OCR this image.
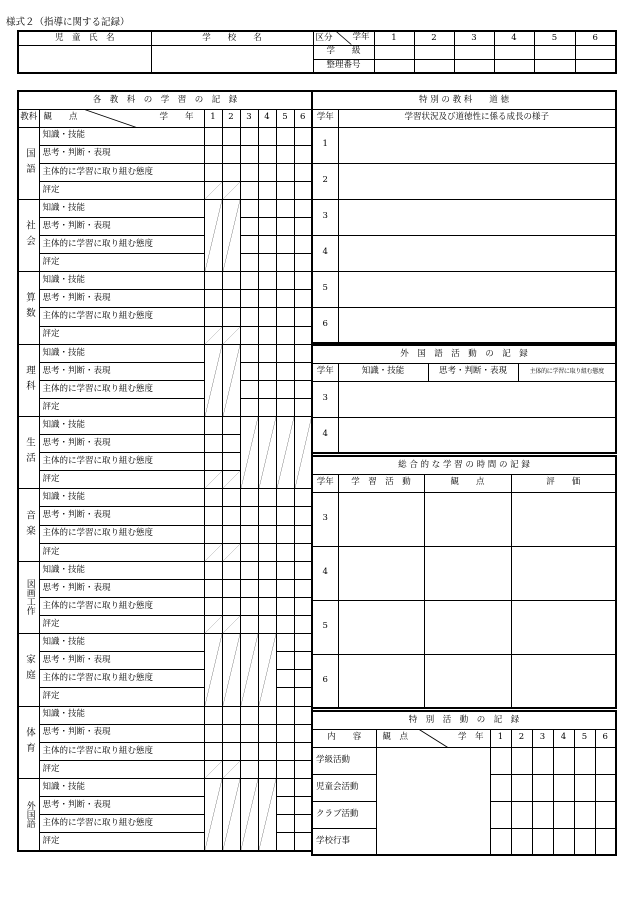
様式２（指導に関する記録）
児　童　氏　名	学　　校　　名	区分 学年	1	2	3	4	5	6
		学　　級						
		整理番号						
各　教　科　の　学　習　の　記　録							
教科	観　　点 学　　年	1	2	3	4	5	6
国語	知識・技能						
	思考・判断・表現						
	主体的に学習に取り組む態度						
	評定	

社会	知識・技能	

	思考・判断・表現						
	主体的に学習に取り組む態度						
	評定						
算数	知識・技能						
	思考・判断・表現						
	主体的に学習に取り組む態度						
	評定	

理科	知識・技能	

	思考・判断・表現						
	主体的に学習に取り組む態度						
	評定						
生活	知識・技能			

	思考・判断・表現						
	主体的に学習に取り組む態度						
	評定	

音楽	知識・技能						
	思考・判断・表現						
	主体的に学習に取り組む態度						
	評定	

図画工作	知識・技能						
	思考・判断・表現						
	主体的に学習に取り組む態度						
	評定	

家庭	知識・技能	

	思考・判断・表現						
	主体的に学習に取り組む態度						
	評定						
体育	知識・技能						
	思考・判断・表現						
	主体的に学習に取り組む態度						
	評定	

外国語	知識・技能	

	思考・判断・表現						
	主体的に学習に取り組む態度						
	評定						
特 別 の 教 科　　道 徳	
学年	学習状況及び道徳性に係る成長の様子
1	
2	
3	
4	
5	
6	
外　国　語　活　動　の　記　録			
学年	知識・技能	思考・判断・表現	主体的に学習に取り組む態度
3			
4			
総 合 的 な 学 習 の 時 間 の 記 録			
学年	学　習　活　動	観　　点	評　　価
3			
4			
5			
6			
特　別　活　動　の　記　録							
内　　容	観　点 学　年	1	2	3	4	5	6
学級活動							
児童会活動							
クラブ活動							
学校行事							
